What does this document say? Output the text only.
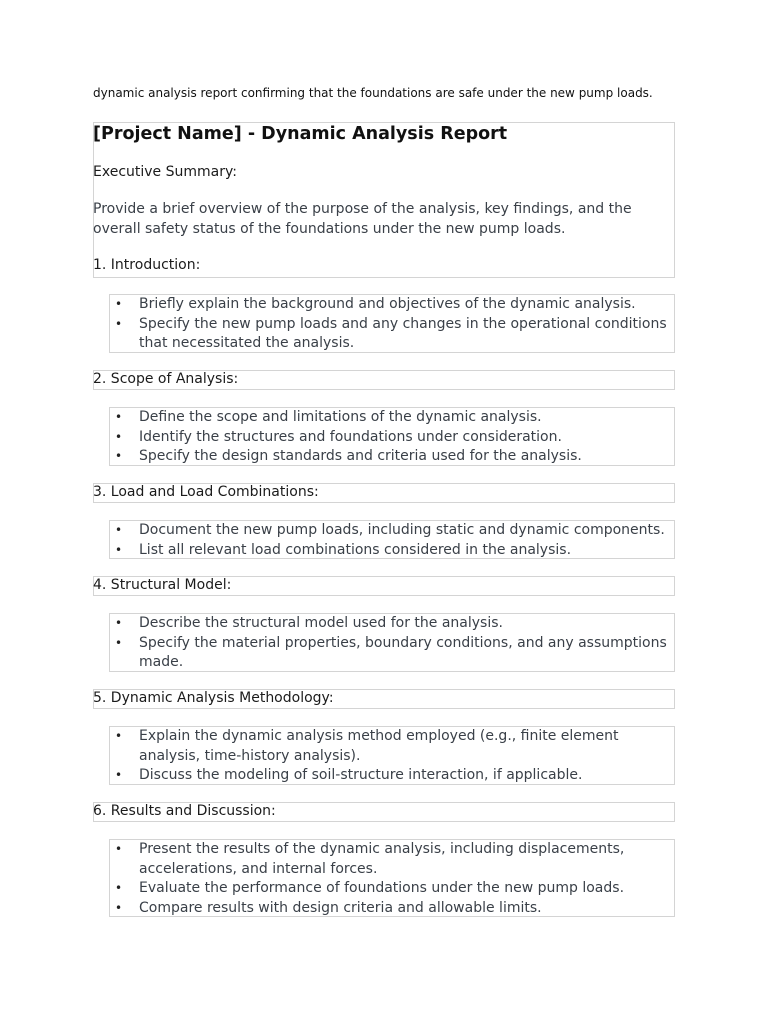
dynamic analysis report confirming that the foundations are safe under the new pump loads.
[Project Name] - Dynamic Analysis Report
Executive Summary:
Provide a brief overview of the purpose of the analysis, key findings, and the overall safety status of the foundations under the new pump loads.
1. Introduction:
• Briefly explain the background and objectives of the dynamic analysis.
• Specify the new pump loads and any changes in the operational conditions that necessitated the analysis.
2. Scope of Analysis:
• Define the scope and limitations of the dynamic analysis.
• Identify the structures and foundations under consideration.
• Specify the design standards and criteria used for the analysis.
3. Load and Load Combinations:
• Document the new pump loads, including static and dynamic components.
• List all relevant load combinations considered in the analysis.
4. Structural Model:
• Describe the structural model used for the analysis.
• Specify the material properties, boundary conditions, and any assumptions made.
5. Dynamic Analysis Methodology:
• Explain the dynamic analysis method employed (e.g., finite element analysis, time-history analysis).
• Discuss the modeling of soil-structure interaction, if applicable.
6. Results and Discussion:
• Present the results of the dynamic analysis, including displacements, accelerations, and internal forces.
• Evaluate the performance of foundations under the new pump loads.
• Compare results with design criteria and allowable limits.
